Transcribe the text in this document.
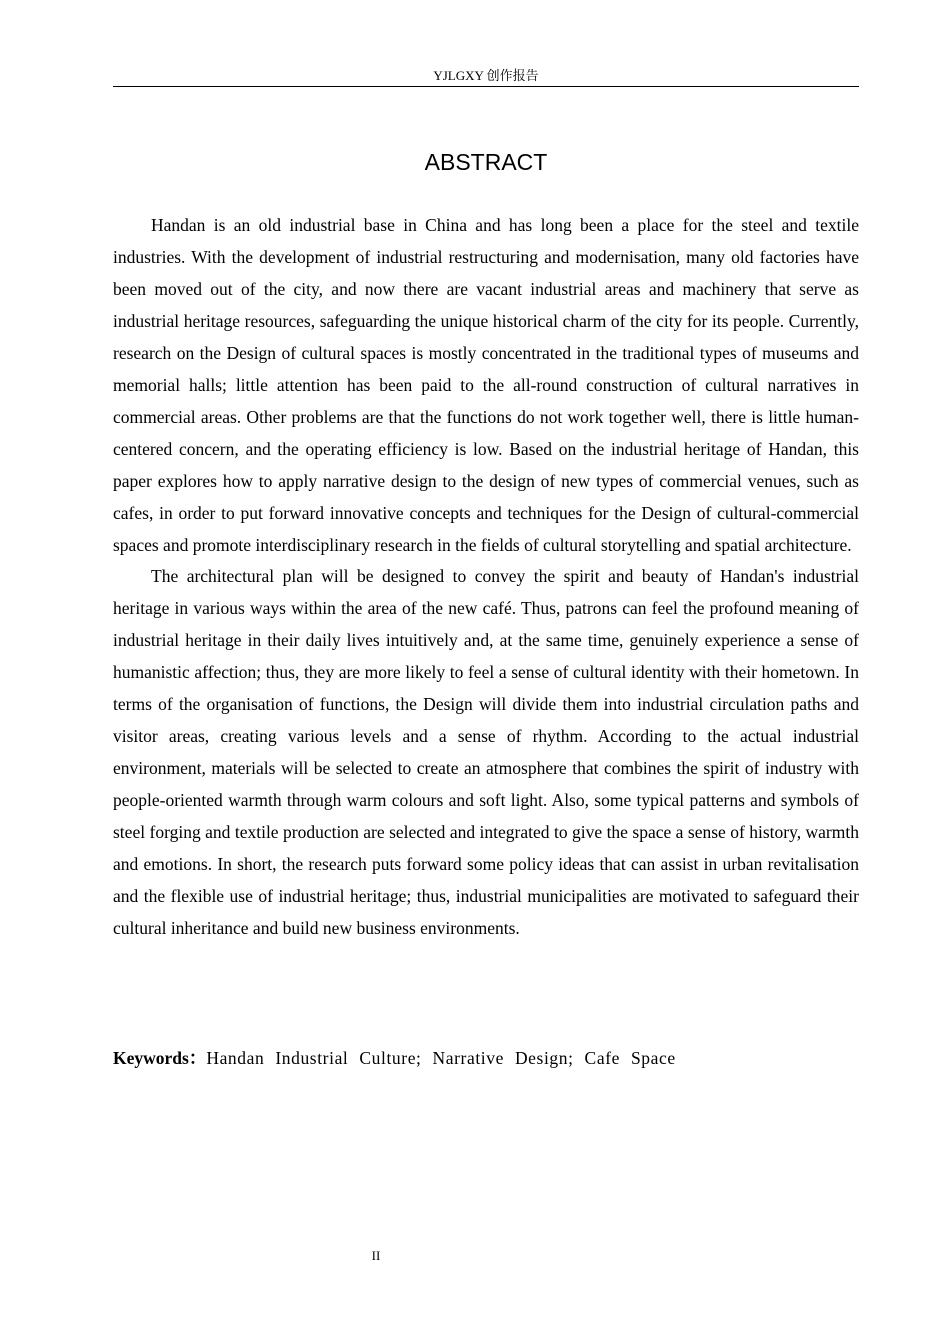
YJLGXY 创作报告
ABSTRACT

Handan is an old industrial base in China and has long been a place for the steel and textile industries. With the development of industrial restructuring and modernisation, many old factories have been moved out of the city, and now there are vacant industrial areas and machinery that serve as industrial heritage resources, safeguarding the unique historical charm of the city for its people. Currently, research on the Design of cultural spaces is mostly concentrated in the traditional types of museums and memorial halls; little attention has been paid to the all-round construction of cultural narratives in commercial areas. Other problems are that the functions do not work together well, there is little human-centered concern, and the operating efficiency is low. Based on the industrial heritage of Handan, this paper explores how to apply narrative design to the design of new types of commercial venues, such as cafes, in order to put forward innovative concepts and techniques for the Design of cultural-commercial spaces and promote interdisciplinary research in the fields of cultural storytelling and spatial architecture.

The architectural plan will be designed to convey the spirit and beauty of Handan's industrial heritage in various ways within the area of the new café. Thus, patrons can feel the profound meaning of industrial heritage in their daily lives intuitively and, at the same time, genuinely experience a sense of humanistic affection; thus, they are more likely to feel a sense of cultural identity with their hometown. In terms of the organisation of functions, the Design will divide them into industrial circulation paths and visitor areas, creating various levels and a sense of rhythm. According to the actual industrial environment, materials will be selected to create an atmosphere that combines the spirit of industry with people-oriented warmth through warm colours and soft light. Also, some typical patterns and symbols of steel forging and textile production are selected and integrated to give the space a sense of history, warmth and emotions. In short, the research puts forward some policy ideas that can assist in urban revitalisation and the flexible use of industrial heritage; thus, industrial municipalities are motivated to safeguard their cultural inheritance and build new business environments.

Keywords：Handan Industrial Culture; Narrative Design; Cafe Space
II
